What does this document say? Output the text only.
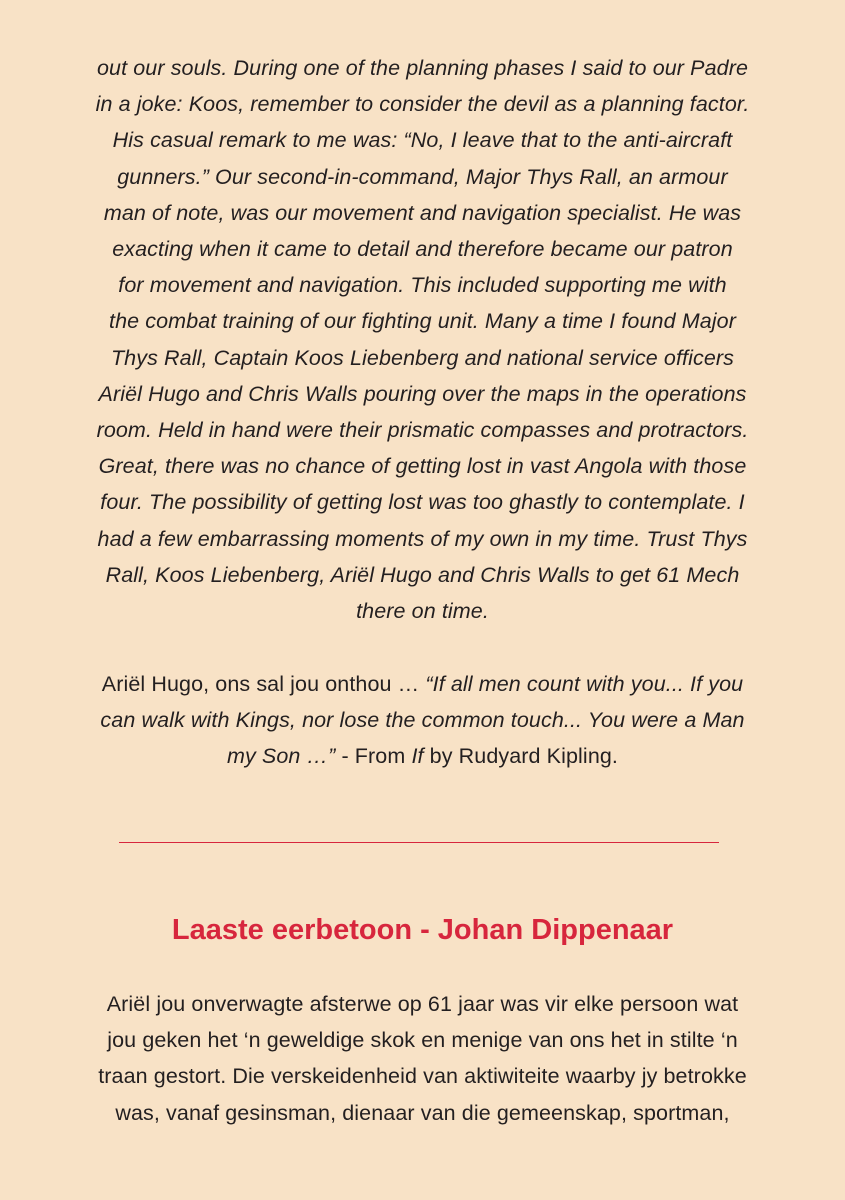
out our souls. During one of the planning phases I said to our Padre
in a joke: Koos, remember to consider the devil as a planning factor.
His casual remark to me was: “No, I leave that to the anti-aircraft
gunners.” Our second-in-command, Major Thys Rall, an armour
man of note, was our movement and navigation specialist. He was
exacting when it came to detail and therefore became our patron
for movement and navigation. This included supporting me with
the combat training of our fighting unit. Many a time I found Major
Thys Rall, Captain Koos Liebenberg and national service officers
Ariël Hugo and Chris Walls pouring over the maps in the operations
room. Held in hand were their prismatic compasses and protractors.
Great, there was no chance of getting lost in vast Angola with those
four. The possibility of getting lost was too ghastly to contemplate. I
had a few embarrassing moments of my own in my time. Trust Thys
Rall, Koos Liebenberg, Ariël Hugo and Chris Walls to get 61 Mech
there on time.
Ariël Hugo, ons sal jou onthou … “If all men count with you... If you
can walk with Kings, nor lose the common touch... You were a Man
my Son …” - From If by Rudyard Kipling.
Laaste eerbetoon - Johan Dippenaar
Ariël jou onverwagte afsterwe op 61 jaar was vir elke persoon wat
jou geken het ‘n geweldige skok en menige van ons het in stilte ‘n
traan gestort. Die verskeidenheid van aktiwiteite waarby jy betrokke
was, vanaf gesinsman, dienaar van die gemeenskap, sportman,
